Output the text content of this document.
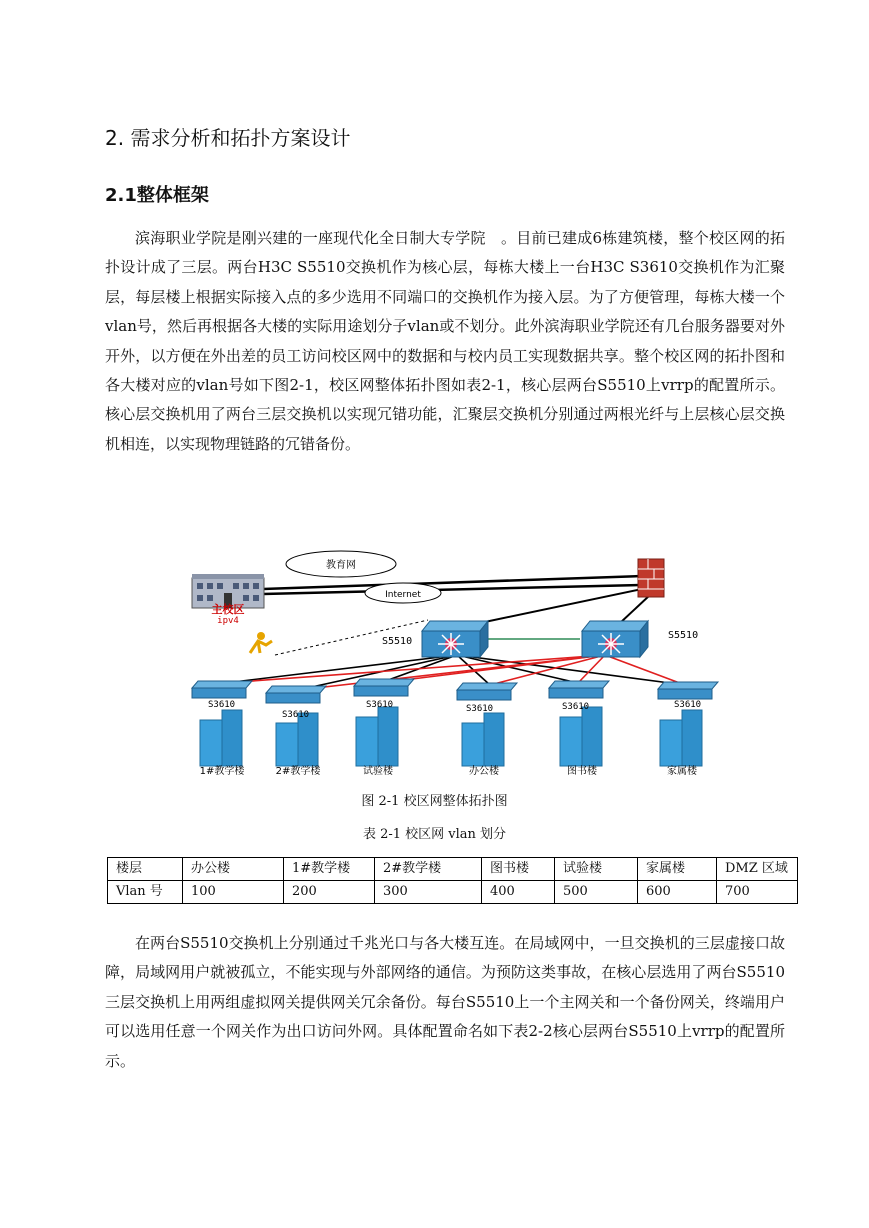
2. 需求分析和拓扑方案设计
2.1整体框架

滨海职业学院是刚兴建的一座现代化全日制大专学院　。目前已建成6栋建筑楼，整个校区网的拓扑设计成了三层。两台H3C S5510交换机作为核心层，每栋大楼上一台H3C S3610交换机作为汇聚层，每层楼上根据实际接入点的多少选用不同端口的交换机作为接入层。为了方便管理，每栋大楼一个vlan号，然后再根据各大楼的实际用途划分子vlan或不划分。此外滨海职业学院还有几台服务器要对外开外，以方便在外出差的员工访问校区网中的数据和与校内员工实现数据共享。整个校区网的拓扑图和各大楼对应的vlan号如下图2-1，校区网整体拓扑图如表2-1，核心层两台S5510上vrrp的配置所示。核心层交换机用了两台三层交换机以实现冗错功能，汇聚层交换机分别通过两根光纤与上层核心层交换机相连，以实现物理链路的冗错备份。

教育网
Internet
主校区
ipv4
S5510
S5510
S3610
1#教学楼
S3610
2#教学楼
S3610
试验楼
S3610
办公楼
S3610
图书楼
S3610
家属楼
图 2-1 校区网整体拓扑图
表 2-1 校区网 vlan 划分
楼层	办公楼	1#教学楼	2#教学楼	图书楼	试验楼	家属楼	DMZ 区域
Vlan 号	100	200	300	400	500	600	700

在两台S5510交换机上分别通过千兆光口与各大楼互连。在局域网中，一旦交换机的三层虚接口故障，局域网用户就被孤立，不能实现与外部网络的通信。为预防这类事故，在核心层选用了两台S5510三层交换机上用两组虚拟网关提供网关冗余备份。每台S5510上一个主网关和一个备份网关，终端用户可以选用任意一个网关作为出口访问外网。具体配置命名如下表2-2核心层两台S5510上vrrp的配置所示。
